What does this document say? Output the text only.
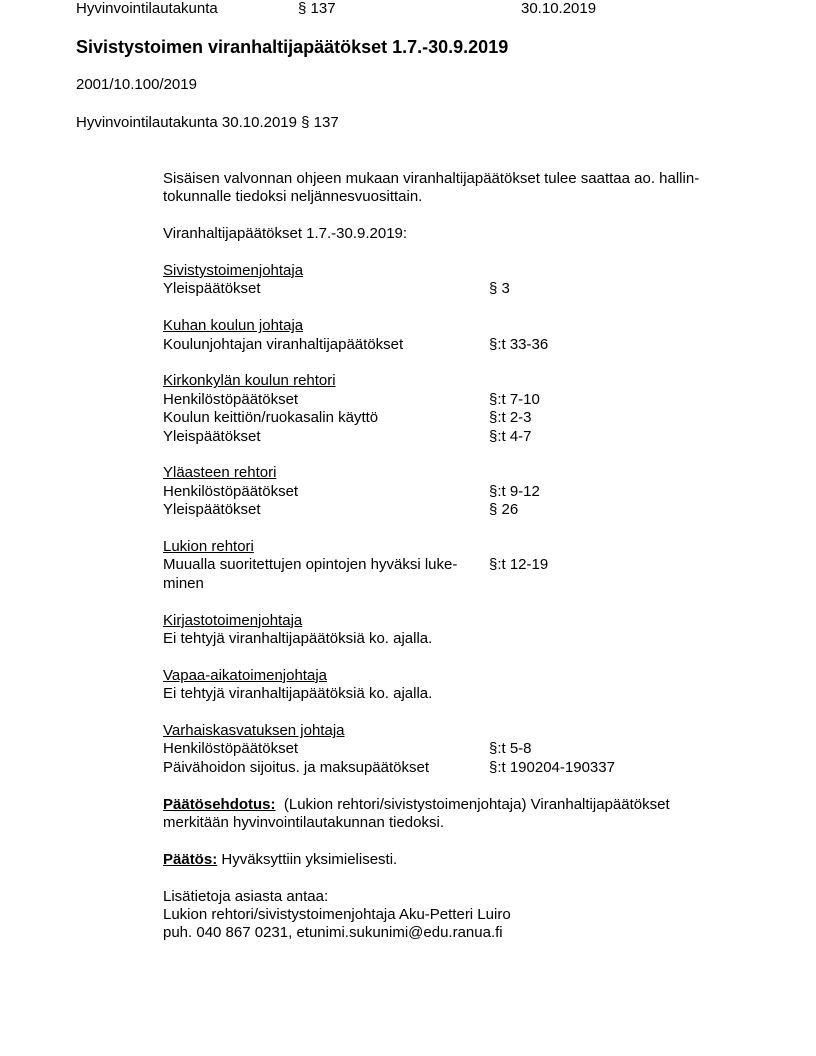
Hyvinvointilautakunta	§ 137	30.10.2019
Sivistystoimen viranhaltijapäätökset 1.7.-30.9.2019
2001/10.100/2019
Hyvinvointilautakunta 30.10.2019 § 137
Sisäisen valvonnan ohjeen mukaan viranhaltijapäätökset tulee saattaa ao. hallin-
tokunnalle tiedoksi neljännesvuosittain.
Viranhaltijapäätökset 1.7.-30.9.2019:
Sivistystoimenjohtaja
Yleispäätökset	§ 3
Kuhan koulun johtaja
Koulunjohtajan viranhaltijapäätökset	§:t 33-36
Kirkonkylän koulun rehtori
Henkilöstöpäätökset	§:t 7-10
Koulun keittiön/ruokasalin käyttö	§:t 2-3
Yleispäätökset	§:t 4-7
Yläasteen rehtori
Henkilöstöpäätökset	§:t 9-12
Yleispäätökset	§ 26
Lukion rehtori
Muualla suoritettujen opintojen hyväksi luke-	§:t 12-19
minen
Kirjastotoimenjohtaja
Ei tehtyjä viranhaltijapäätöksiä ko. ajalla.
Vapaa-aikatoimenjohtaja
Ei tehtyjä viranhaltijapäätöksiä ko. ajalla.
Varhaiskasvatuksen johtaja
Henkilöstöpäätökset	§:t 5-8
Päivähoidon sijoitus. ja maksupäätökset	§:t 190204-190337
Päätösehdotus: (Lukion rehtori/sivistystoimenjohtaja) Viranhaltijapäätökset
merkitään hyvinvointilautakunnan tiedoksi.
Päätös: Hyväksyttiin yksimielisesti.
Lisätietoja asiasta antaa:
Lukion rehtori/sivistystoimenjohtaja Aku-Petteri Luiro
puh. 040 867 0231, etunimi.sukunimi@edu.ranua.fi
